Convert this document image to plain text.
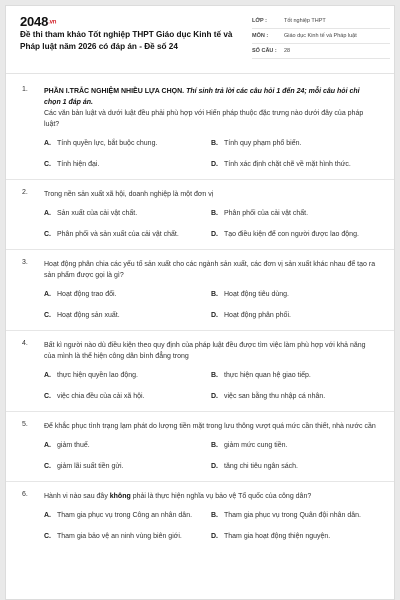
2048.vn
Đề thi tham khảo Tốt nghiệp THPT Giáo dục Kinh tế và Pháp luật năm 2026 có đáp án - Đề số 24
LỚP :	Tốt nghiệp THPT
MÔN :	Giáo dục Kinh tế và Pháp luật
SỐ CÂU :	28
1. PHẦN I.TRẮC NGHIỆM NHIỀU LỰA CHỌN. Thí sinh trả lời các câu hỏi 1 đến 24; mỗi câu hỏi chỉ chọn 1 đáp án.
Các văn bản luật và dưới luật đều phải phù hợp với Hiến pháp thuộc đặc trưng nào dưới đây của pháp luật?
A. Tính quyền lực, bắt buộc chung.	B. Tính quy phạm phổ biến.
C. Tính hiện đại.	D. Tính xác định chặt chẽ về mặt hình thức.
2. Trong nền sản xuất xã hội, doanh nghiệp là một đơn vị
A. Sản xuất của cải vật chất.	B. Phân phối của cải vật chất.
C. Phân phối và sản xuất của cải vật chất.	D. Tạo điều kiện để con người được lao động.
3. Hoạt động phân chia các yếu tố sản xuất cho các ngành sản xuất, các đơn vị sản xuất khác nhau để tạo ra sản phẩm được gọi là gì?
A. Hoạt động trao đổi.	B. Hoạt động tiêu dùng.
C. Hoạt động sản xuất.	D. Hoạt động phân phối.
4. Bất kì người nào dù điều kiện theo quy định của pháp luật đều được tìm việc làm phù hợp với khả năng của mình là thể hiện công dân bình đẳng trong
A. thực hiện quyền lao động.	B. thực hiện quan hệ giao tiếp.
C. việc chia đều của cải xã hội.	D. việc san bằng thu nhập cá nhân.
5. Để khắc phục tình trạng lạm phát do lượng tiền mặt trong lưu thông vượt quá mức cần thiết, nhà nước cần
A. giảm thuế.	B. giảm mức cung tiền.
C. giảm lãi suất tiền gửi.	D. tăng chi tiêu ngân sách.
6. Hành vi nào sau đây không phải là thực hiện nghĩa vụ bảo vệ Tổ quốc của công dân?
A. Tham gia phục vụ trong Công an nhân dân.	B. Tham gia phục vụ trong Quân đội nhân dân.
C. Tham gia bảo vệ an ninh vùng biên giới.	D. Tham gia hoạt động thiện nguyện.
